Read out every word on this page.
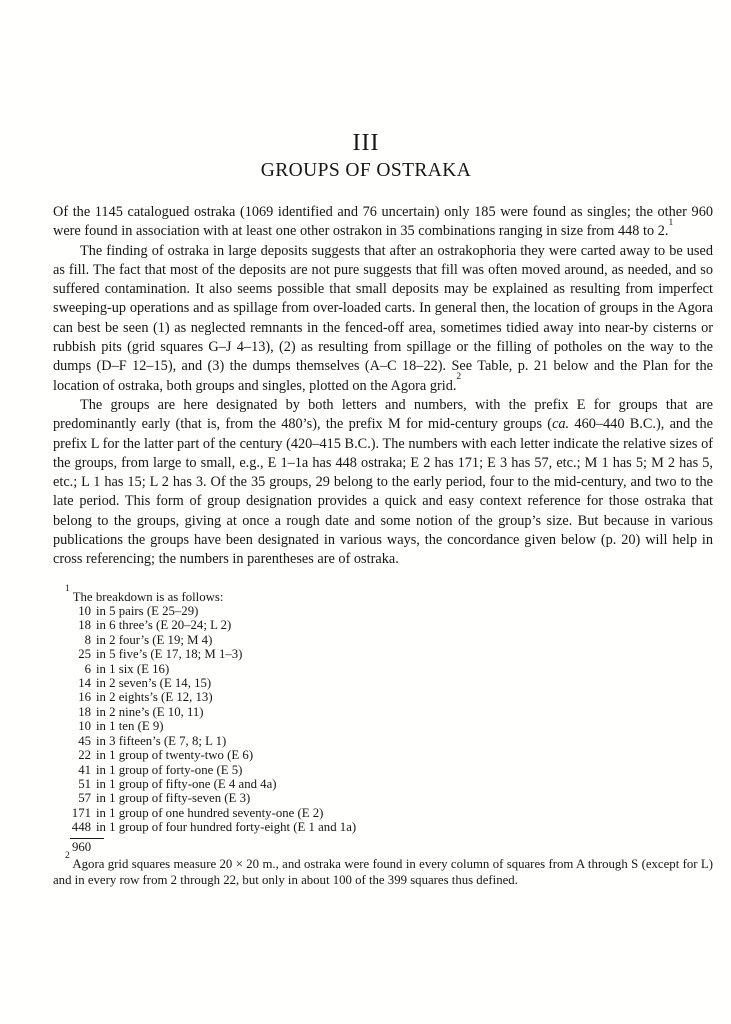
III
GROUPS OF OSTRAKA

Of the 1145 catalogued ostraka (1069 identified and 76 uncertain) only 185 were found as singles; the other 960 were found in association with at least one other ostrakon in 35 combinations ranging in size from 448 to 2.$^1$

The finding of ostraka in large deposits suggests that after an ostrakophoria they were carted away to be used as fill. The fact that most of the deposits are not pure suggests that fill was often moved around, as needed, and so suffered contamination. It also seems possible that small deposits may be explained as resulting from imperfect sweeping-up operations and as spillage from over-loaded carts. In general then, the location of groups in the Agora can best be seen (1) as neglected remnants in the fenced-off area, sometimes tidied away into near-by cisterns or rubbish pits (grid squares G–J 4–13), (2) as resulting from spillage or the filling of potholes on the way to the dumps (D–F 12–15), and (3) the dumps themselves (A–C 18–22). See Table, p. 21 below and the Plan for the location of ostraka, both groups and singles, plotted on the Agora grid.$^2$

The groups are here designated by both letters and numbers, with the prefix E for groups that are predominantly early (that is, from the 480’s), the prefix M for mid-century groups (ca. 460–440 B.C.), and the prefix L for the latter part of the century (420–415 B.C.). The numbers with each letter indicate the relative sizes of the groups, from large to small, e.g., E 1–1a has 448 ostraka; E 2 has 171; E 3 has 57, etc.; M 1 has 5; M 2 has 5, etc.; L 1 has 15; L 2 has 3. Of the 35 groups, 29 belong to the early period, four to the mid-century, and two to the late period. This form of group designation provides a quick and easy context reference for those ostraka that belong to the groups, giving at once a rough date and some notion of the group’s size. But because in various publications the groups have been designated in various ways, the concordance given below (p. 20) will help in cross referencing; the numbers in parentheses are of ostraka.

$^1$ The breakdown is as follows:

10 in 5 pairs (E 25–29)
18 in 6 three’s (E 20–24; L 2)
8 in 2 four’s (E 19; M 4)
25 in 5 five’s (E 17, 18; M 1–3)
6 in 1 six (E 16)
14 in 2 seven’s (E 14, 15)
16 in 2 eights’s (E 12, 13)
18 in 2 nine’s (E 10, 11)
10 in 1 ten (E 9)
45 in 3 fifteen’s (E 7, 8; L 1)
22 in 1 group of twenty-two (E 6)
41 in 1 group of forty-one (E 5)
51 in 1 group of fifty-one (E 4 and 4a)
57 in 1 group of fifty-seven (E 3)
171 in 1 group of one hundred seventy-one (E 2)
448 in 1 group of four hundred forty-eight (E 1 and 1a)
960

$^2$ Agora grid squares measure 20 × 20 m., and ostraka were found in every column of squares from A through S (except for L) and in every row from 2 through 22, but only in about 100 of the 399 squares thus defined.
